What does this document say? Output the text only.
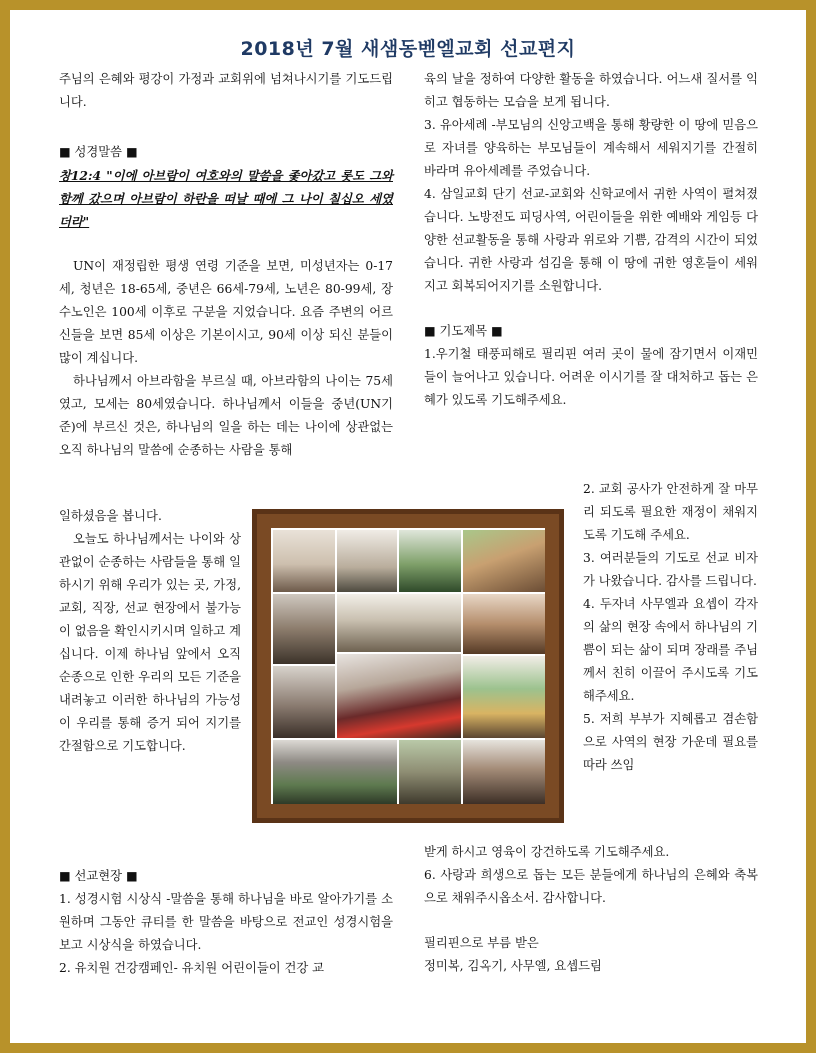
2018년 7월 새샘동벧엘교회 선교편지

주님의 은혜와 평강이 가정과 교회위에 넘쳐나시기를 기도드립니다.

■ 성경말씀 ■

창12:4 "이에 아브람이 여호와의 말씀을 좇아갔고 롯도 그와 함께 갔으며 아브람이 하란을 떠날 때에 그 나이 칠십오 세였더라"

UN이 재정립한 평생 연령 기준을 보면, 미성년자는 0-17세, 청년은 18-65세, 중년은 66세-79세, 노년은 80-99세, 장수노인은 100세 이후로 구분을 지었습니다. 요즘 주변의 어르신들을 보면 85세 이상은 기본이시고, 90세 이상 되신 분들이 많이 계십니다.

하나님께서 아브라함을 부르실 때, 아브라함의 나이는 75세였고, 모세는 80세였습니다. 하나님께서 이들을 중년(UN기준)에 부르신 것은, 하나님의 일을 하는 데는 나이에 상관없는 오직 하나님의 말씀에 순종하는 사람을 통해

일하셨음을 봅니다.

오늘도 하나님께서는 나이와 상관없이 순종하는 사람들을 통해 일하시기 위해 우리가 있는 곳, 가정, 교회, 직장, 선교 현장에서 불가능이 없음을 확인시키시며 일하고 계십니다. 이제 하나님 앞에서 오직 순종으로 인한 우리의 모든 기준을 내려놓고 이러한 하나님의 가능성이 우리를 통해 증거 되어 지기를 간절함으로 기도합니다.

■ 선교현장 ■

1. 성경시험 시상식 -말씀을 통해 하나님을 바로 알아가기를 소원하며 그동안 큐티를 한 말씀을 바탕으로 전교인 성경시험을 보고 시상식을 하였습니다.

2. 유치원 건강캠페인- 유치원 어린이들이 건강 교

육의 날을 정하여 다양한 활동을 하였습니다. 어느새 질서를 익히고 협동하는 모습을 보게 됩니다.

3. 유아세례 -부모님의 신앙고백을 통해 황량한 이 땅에 믿음으로 자녀를 양육하는 부모님들이 계속해서 세워지기를 간절히 바라며 유아세례를 주었습니다.

4. 삼일교회 단기 선교-교회와 신학교에서 귀한 사역이 펼쳐졌습니다. 노방전도 피딩사역, 어린이들을 위한 예배와 게임등 다양한 선교활동을 통해 사랑과 위로와 기쁨, 감격의 시간이 되었습니다. 귀한 사랑과 섬김을 통해 이 땅에 귀한 영혼들이 세워지고 회복되어지기를 소원합니다.

■ 기도제목 ■

1.우기철 태풍피해로 필리핀 여러 곳이 물에 잠기면서 이재민들이 늘어나고 있습니다. 어려운 이시기를 잘 대처하고 돕는 은혜가 있도록 기도해주세요.

2. 교회 공사가 안전하게 잘 마무리 되도록 필요한 재정이 채워지도록 기도해 주세요.

3. 여러분들의 기도로 선교 비자가 나왔습니다. 감사를 드립니다.

4. 두자녀 사무엘과 요셉이 각자의 삶의 현장 속에서 하나님의 기쁨이 되는 삶이 되며 장래를 주님께서 친히 이끌어 주시도록 기도해주세요.

5. 저희 부부가 지혜롭고 겸손함으로 사역의 현장 가운데 필요를 따라 쓰임

받게 하시고 영육이 강건하도록 기도해주세요.

6. 사랑과 희생으로 돕는 모든 분들에게 하나님의 은혜와 축복으로 채워주시옵소서. 감사합니다.

필리핀으로 부름 받은

정미복, 김옥기, 사무엘, 요셉드림
